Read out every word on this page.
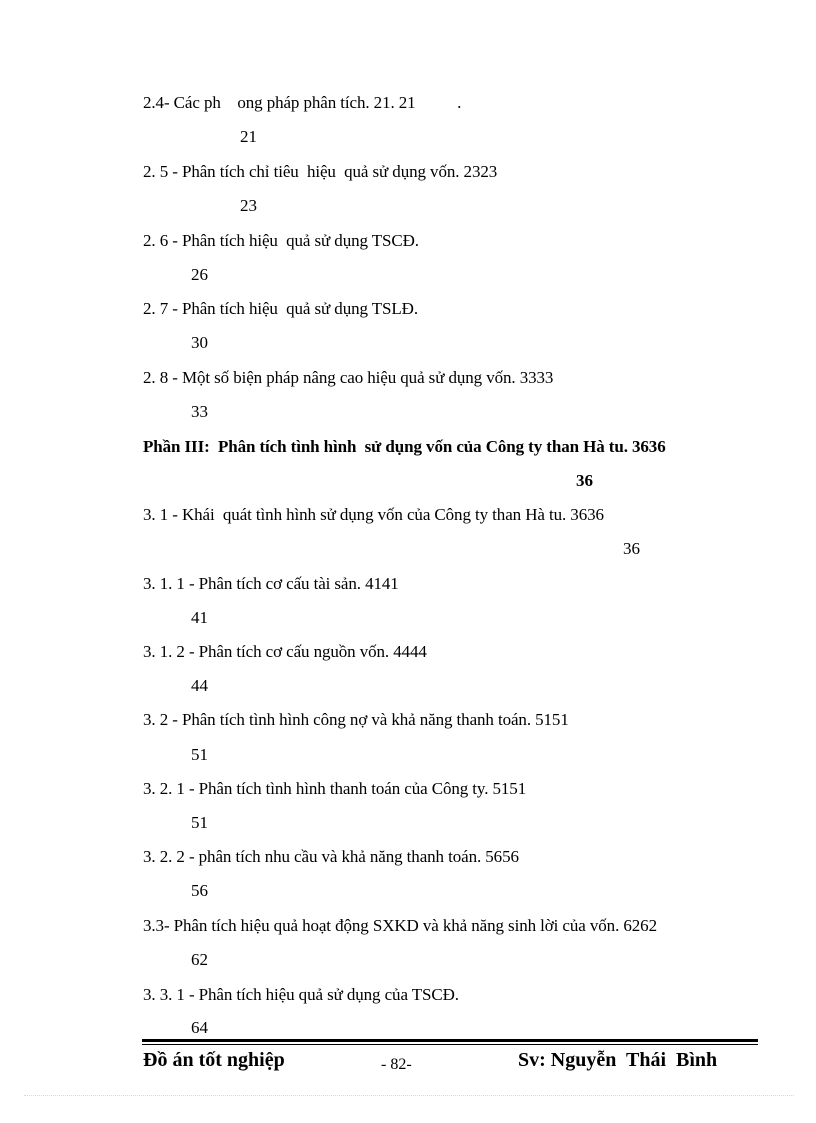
2.4- Các ph    ong pháp phân tích. 21. 21          .
21
2. 5 - Phân tích chỉ tiêu  hiệu  quả sử dụng vốn. 2323
23
2. 6 - Phân tích hiệu  quả sử dụng TSCĐ.
26
2. 7 - Phân tích hiệu  quả sử dụng TSLĐ.
30
2. 8 - Một số biện pháp nâng cao hiệu quả sử dụng vốn. 3333
33
Phần III:  Phân tích tình hình  sử dụng vốn của Công ty than Hà tu. 3636
36
3. 1 - Khái  quát tình hình sử dụng vốn của Công ty than Hà tu. 3636
36
3. 1. 1 - Phân tích cơ cấu tài sản. 4141
41
3. 1. 2 - Phân tích cơ cấu nguồn vốn. 4444
44
3. 2 - Phân tích tình hình công nợ và khả năng thanh toán. 5151
51
3. 2. 1 - Phân tích tình hình thanh toán của Công ty. 5151
51
3. 2. 2 - phân tích nhu cầu và khả năng thanh toán. 5656
56
3.3- Phân tích hiệu quả hoạt động SXKD và khả năng sinh lời của vốn. 6262
62
3. 3. 1 - Phân tích hiệu quả sử dụng của TSCĐ.
64
Đồ án tốt nghiệp	- 82-	Sv: Nguyễn  Thái  Bình
